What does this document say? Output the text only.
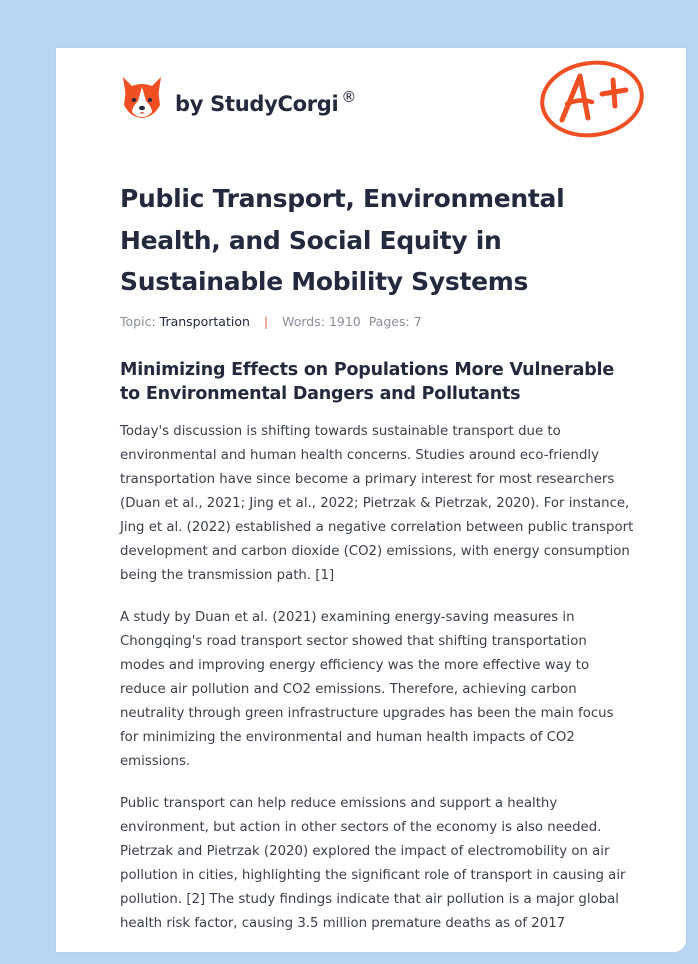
by StudyCorgi ®
Public Transport, Environmental Health, and Social Equity in Sustainable Mobility Systems
Topic: Transportation | Words: 1910 Pages: 7
Minimizing Effects on Populations More Vulnerable to Environmental Dangers and Pollutants

Today's discussion is shifting towards sustainable transport due to environmental and human health concerns. Studies around eco-friendly transportation have since become a primary interest for most researchers (Duan et al., 2021; Jing et al., 2022; Pietrzak & Pietrzak, 2020). For instance, Jing et al. (2022) established a negative correlation between public transport development and carbon dioxide (CO2) emissions, with energy consumption being the transmission path. [1]

A study by Duan et al. (2021) examining energy-saving measures in Chongqing's road transport sector showed that shifting transportation modes and improving energy efficiency was the more effective way to reduce air pollution and CO2 emissions. Therefore, achieving carbon neutrality through green infrastructure upgrades has been the main focus for minimizing the environmental and human health impacts of CO2 emissions.

Public transport can help reduce emissions and support a healthy environment, but action in other sectors of the economy is also needed. Pietrzak and Pietrzak (2020) explored the impact of electromobility on air pollution in cities, highlighting the significant role of transport in causing air pollution. [2] The study findings indicate that air pollution is a major global health risk factor, causing 3.5 million premature deaths as of 2017
